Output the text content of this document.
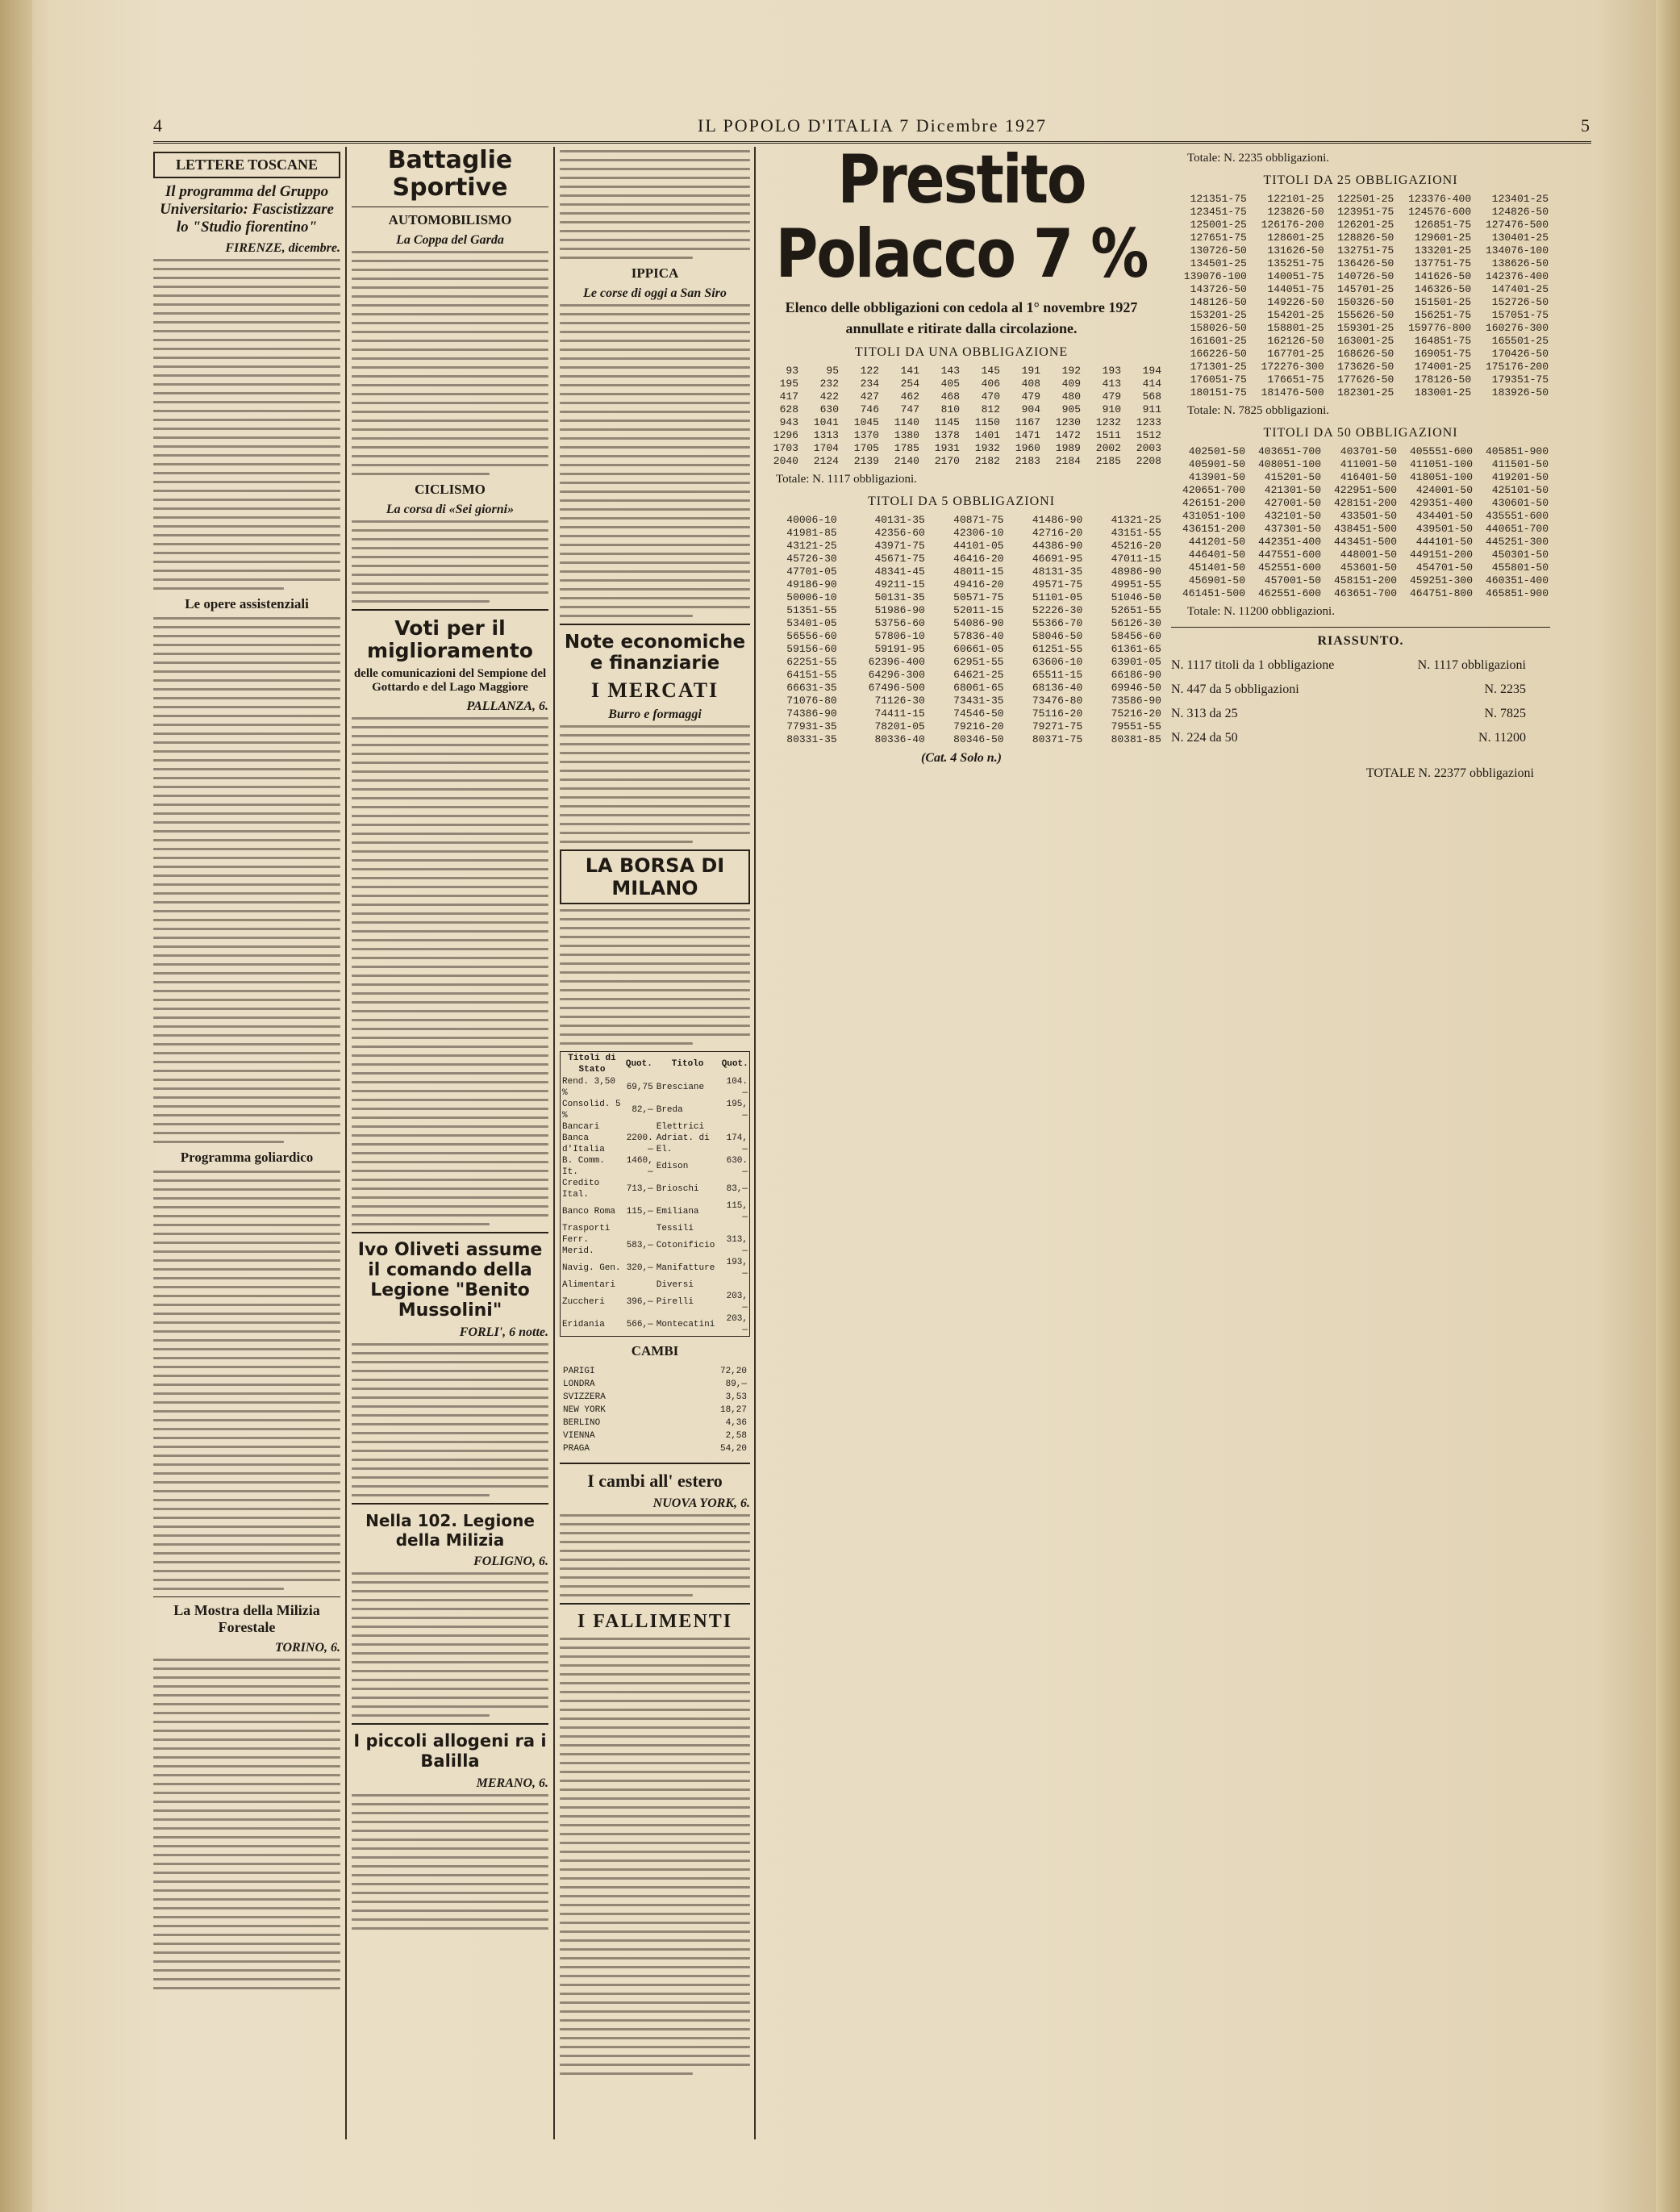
4	IL POPOLO D'ITALIA 7 Dicembre 1927	5
LETTERE TOSCANE
Il programma del Gruppo Universitario: Fascistizzare lo "Studio fiorentino"
FIRENZE, dicembre.
Le opere assistenziali
Programma goliardico
La Mostra della Milizia Forestale
TORINO, 6.
Battaglie Sportive
AUTOMOBILISMO
La Coppa del Garda
CICLISMO
La corsa di «Sei giorni»
Voti per il miglioramento
delle comunicazioni del Sempione del Gottardo e del Lago Maggiore
PALLANZA, 6.
Ivo Oliveti assume il comando della Legione "Benito Mussolini"
FORLI', 6 notte.
Nella 102. Legione della Milizia
FOLIGNO, 6.
I piccoli allogeni ra i Balilla
MERANO, 6.
IPPICA
Le corse di oggi a San Siro
Note economiche e finanziarie
I MERCATI
Burro e formaggi
LA BORSA DI MILANO
Titoli di Stato	Quot.	Titolo	Quot.
Rend. 3,50 %	69,75	Bresciane	104.—
Consolid. 5 %	82,—	Breda	195,—
Bancari		Elettrici	
Banca d'Italia	2200.—	Adriat. di El.	174,—
B. Comm. It.	1460,—	Edison	630.—
Credito Ital.	713,—	Brioschi	83,—
Banco Roma	115,—	Emiliana	115,—
Trasporti		Tessili	
Ferr. Merid.	583,—	Cotonificio	313,—
Navig. Gen.	320,—	Manifatture	193,—
Alimentari		Diversi	
Zuccheri	396,—	Pirelli	203,—
Eridania	566,—	Montecatini	203,—
CAMBI
PARIGI	72,20
LONDRA	89,—
SVIZZERA	3,53
NEW YORK	18,27
BERLINO	4,36
VIENNA	2,58
PRAGA	54,20
I cambi all' estero
NUOVA YORK, 6.
I FALLIMENTI
Prestito Polacco 7 %
Elenco delle obbligazioni con cedola al 1° novembre 1927
annullate e ritirate dalla circolazione.
TITOLI DA UNA OBBLIGAZIONE
93	95	122	141	143	145	191	192	193	194
195	232	234	254	405	406	408	409	413	414
417	422	427	462	468	470	479	480	479	568
628	630	746	747	810	812	904	905	910	911
943	1041	1045	1140	1145	1150	1167	1230	1232	1233
1296	1313	1370	1380	1378	1401	1471	1472	1511	1512
1703	1704	1705	1785	1931	1932	1960	1989	2002	2003
2040	2124	2139	2140	2170	2182	2183	2184	2185	2208
Totale: N. 1117 obbligazioni.
TITOLI DA 5 OBBLIGAZIONI
40006-10	40131-35	40871-75	41486-90	41321-25
41981-85	42356-60	42306-10	42716-20	43151-55
43121-25	43971-75	44101-05	44386-90	45216-20
45726-30	45671-75	46416-20	46691-95	47011-15
47701-05	48341-45	48011-15	48131-35	48986-90
49186-90	49211-15	49416-20	49571-75	49951-55
50006-10	50131-35	50571-75	51101-05	51046-50
51351-55	51986-90	52011-15	52226-30	52651-55
53401-05	53756-60	54086-90	55366-70	56126-30
56556-60	57806-10	57836-40	58046-50	58456-60
59156-60	59191-95	60661-05	61251-55	61361-65
62251-55	62396-400	62951-55	63606-10	63901-05
64151-55	64296-300	64621-25	65511-15	66186-90
66631-35	67496-500	68061-65	68136-40	69946-50
71076-80	71126-30	73431-35	73476-80	73586-90
74386-90	74411-15	74546-50	75116-20	75216-20
77931-35	78201-05	79216-20	79271-75	79551-55
80331-35	80336-40	80346-50	80371-75	80381-85
(Cat. 4 Solo n.)
Totale: N. 2235 obbligazioni.
TITOLI DA 25 OBBLIGAZIONI
121351-75	122101-25	122501-25	123376-400	123401-25
123451-75	123826-50	123951-75	124576-600	124826-50
125001-25	126176-200	126201-25	126851-75	127476-500
127651-75	128601-25	128826-50	129601-25	130401-25
130726-50	131626-50	132751-75	133201-25	134076-100
134501-25	135251-75	136426-50	137751-75	138626-50
139076-100	140051-75	140726-50	141626-50	142376-400
143726-50	144051-75	145701-25	146326-50	147401-25
148126-50	149226-50	150326-50	151501-25	152726-50
153201-25	154201-25	155626-50	156251-75	157051-75
158026-50	158801-25	159301-25	159776-800	160276-300
161601-25	162126-50	163001-25	164851-75	165501-25
166226-50	167701-25	168626-50	169051-75	170426-50
171301-25	172276-300	173626-50	174001-25	175176-200
176051-75	176651-75	177626-50	178126-50	179351-75
180151-75	181476-500	182301-25	183001-25	183926-50
Totale: N. 7825 obbligazioni.
TITOLI DA 50 OBBLIGAZIONI
402501-50	403651-700	403701-50	405551-600	405851-900
405901-50	408051-100	411001-50	411051-100	411501-50
413901-50	415201-50	416401-50	418051-100	419201-50
420651-700	421301-50	422951-500	424001-50	425101-50
426151-200	427001-50	428151-200	429351-400	430601-50
431051-100	432101-50	433501-50	434401-50	435551-600
436151-200	437301-50	438451-500	439501-50	440651-700
441201-50	442351-400	443451-500	444101-50	445251-300
446401-50	447551-600	448001-50	449151-200	450301-50
451401-50	452551-600	453601-50	454701-50	455801-50
456901-50	457001-50	458151-200	459251-300	460351-400
461451-500	462551-600	463651-700	464751-800	465851-900
Totale: N. 11200 obbligazioni.
RIASSUNTO.
N. 1117 titoli da 1 obbligazione	N. 1117 obbligazioni
N. 447 da 5 obbligazioni	N. 2235
N. 313 da 25	N. 7825
N. 224 da 50	N. 11200
TOTALE N. 22377 obbligazioni
